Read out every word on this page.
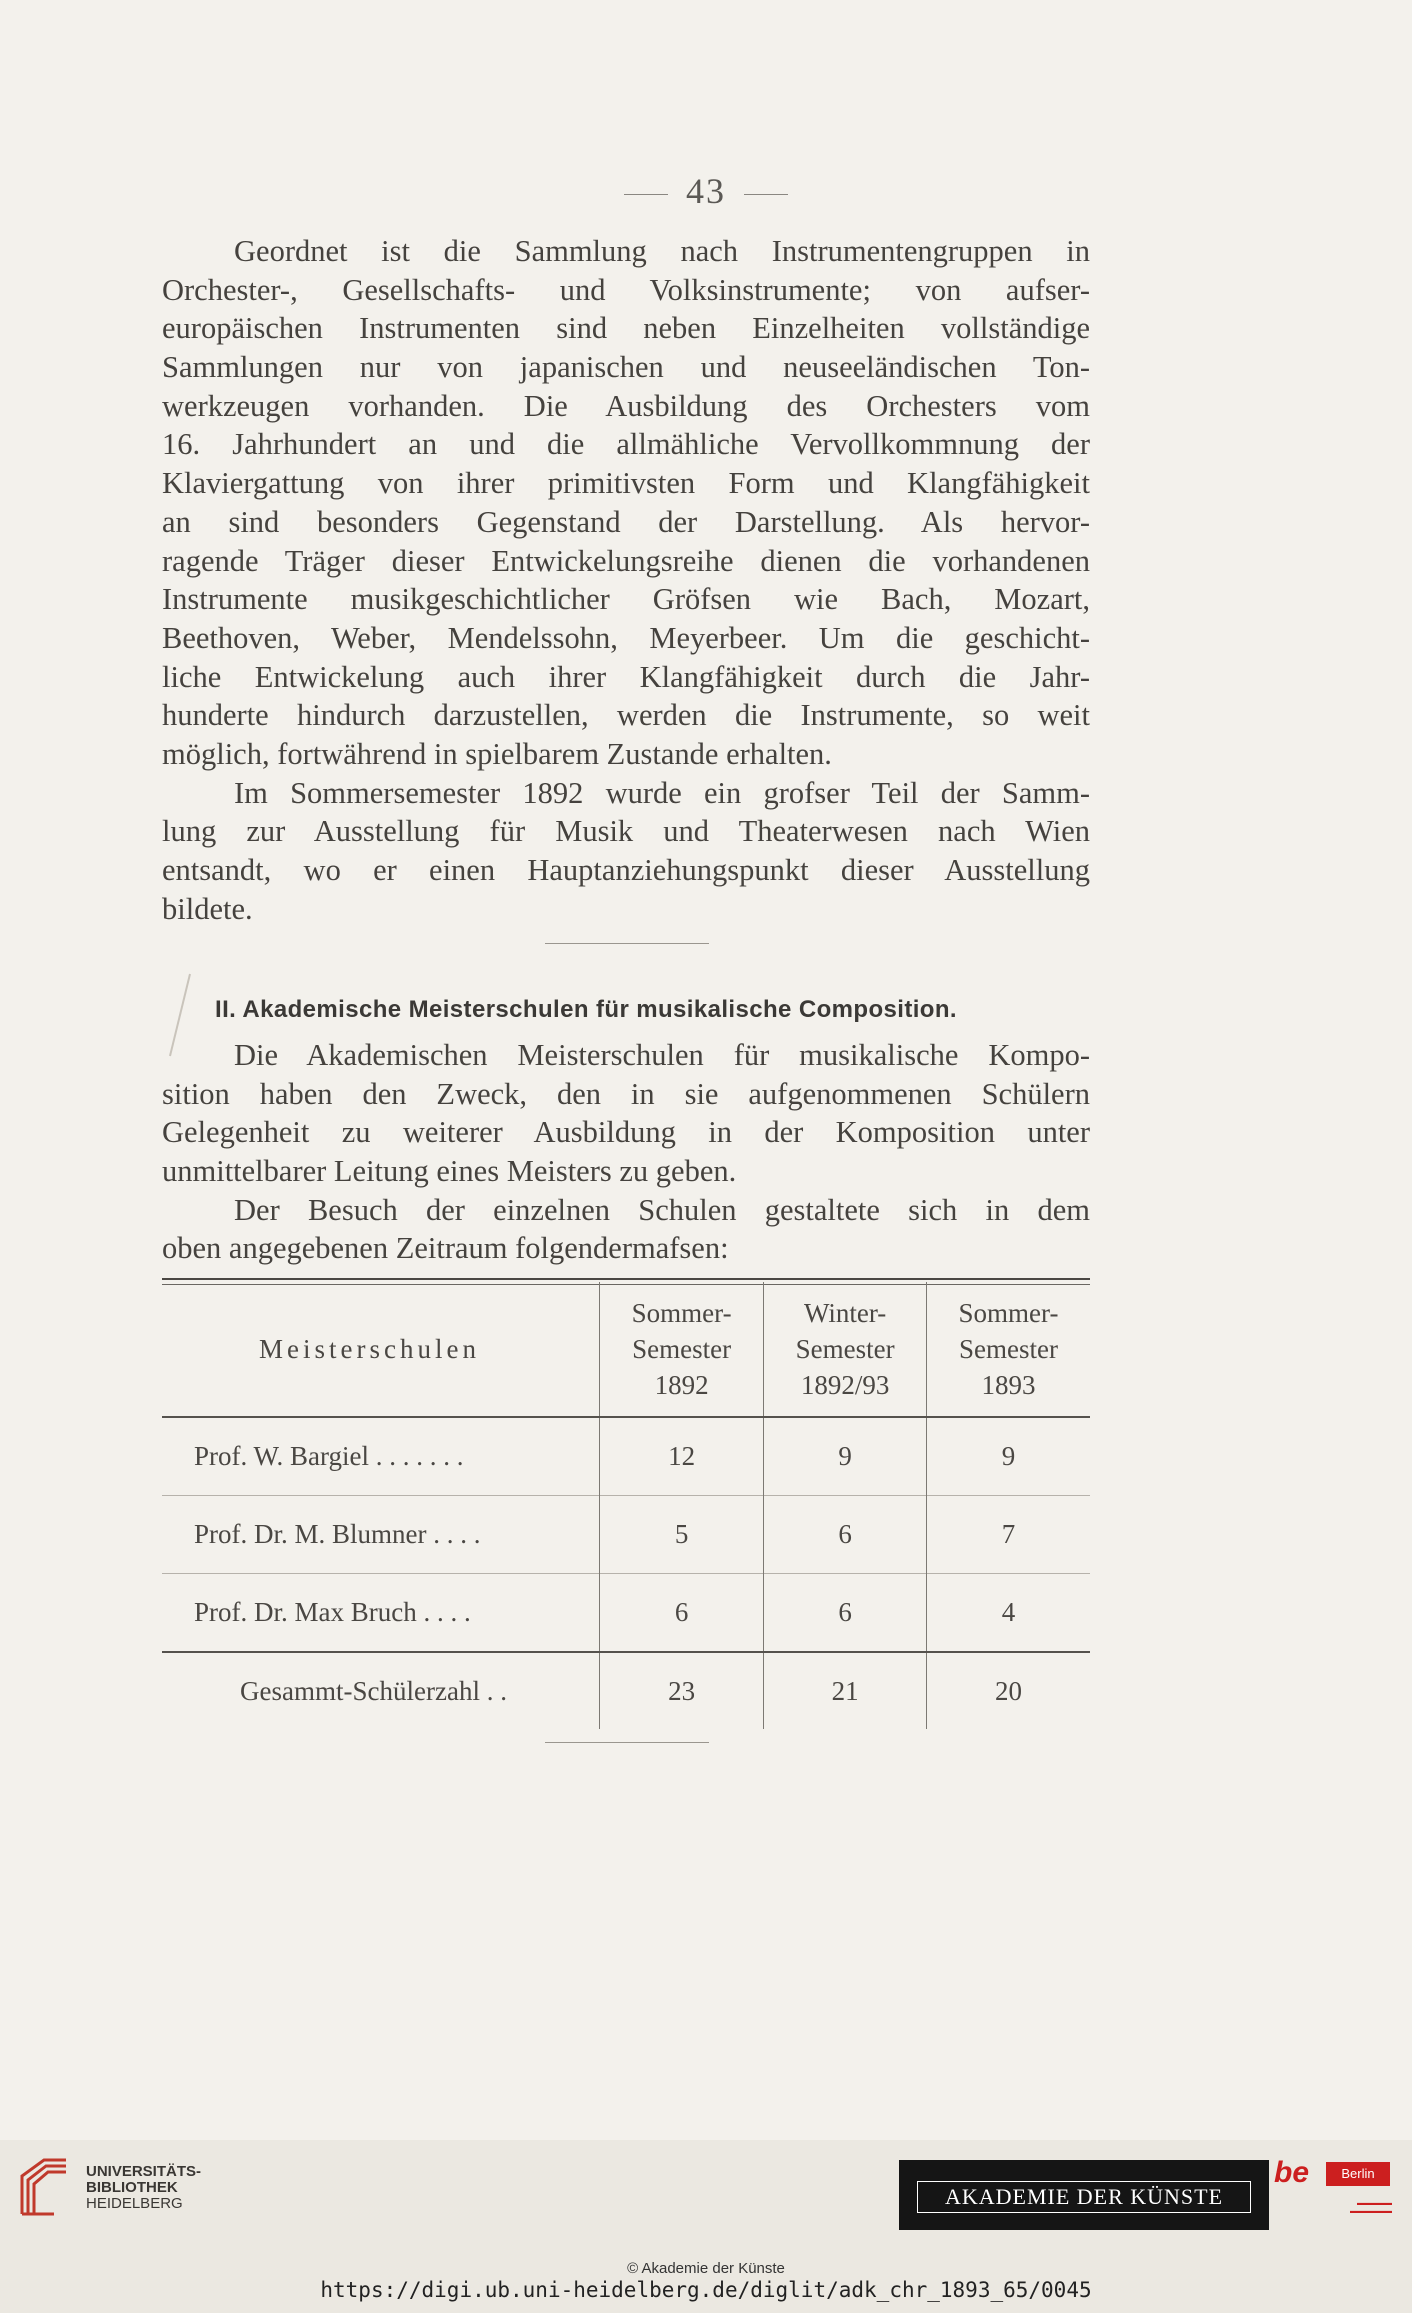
43
Geordnet ist die Sammlung nach Instrumentengruppen in
Orchester-, Gesellschafts- und Volksinstrumente; von aufser-
europäischen Instrumenten sind neben Einzelheiten vollständige
Sammlungen nur von japanischen und neuseeländischen Ton-
werkzeugen vorhanden. Die Ausbildung des Orchesters vom
16. Jahrhundert an und die allmähliche Vervollkommnung der
Klaviergattung von ihrer primitivsten Form und Klangfähigkeit
an sind besonders Gegenstand der Darstellung. Als hervor-
ragende Träger dieser Entwickelungsreihe dienen die vorhandenen
Instrumente musikgeschichtlicher Gröfsen wie Bach, Mozart,
Beethoven, Weber, Mendelssohn, Meyerbeer. Um die geschicht-
liche Entwickelung auch ihrer Klangfähigkeit durch die Jahr-
hunderte hindurch darzustellen, werden die Instrumente, so weit
möglich, fortwährend in spielbarem Zustande erhalten.
Im Sommersemester 1892 wurde ein grofser Teil der Samm-
lung zur Ausstellung für Musik und Theaterwesen nach Wien
entsandt, wo er einen Hauptanziehungspunkt dieser Ausstellung
bildete.
II. Akademische Meisterschulen für musikalische Composition.
Die Akademischen Meisterschulen für musikalische Kompo-
sition haben den Zweck, den in sie aufgenommenen Schülern
Gelegenheit zu weiterer Ausbildung in der Komposition unter
unmittelbarer Leitung eines Meisters zu geben.
Der Besuch der einzelnen Schulen gestaltete sich in dem
oben angegebenen Zeitraum folgendermafsen:
Meisterschulen	Sommer-
Semester
1892	Winter-
Semester
1892/93	Sommer-
Semester
1893
Prof. W. Bargiel . . . . . . .	12	9	9
Prof. Dr. M. Blumner . . . .	5	6	7
Prof. Dr. Max Bruch . . . .	6	6	4
Gesammt-Schülerzahl . .	23	21	20
UNIVERSITÄTS-
BIBLIOTHEK
HEIDELBERG	AKADEMIE DER KÜNSTE
be	Berlin
▬▬▬▬▬
▬▬▬▬▬▬
© Akademie der Künste
https://digi.ub.uni-heidelberg.de/diglit/adk_chr_1893_65/0045
